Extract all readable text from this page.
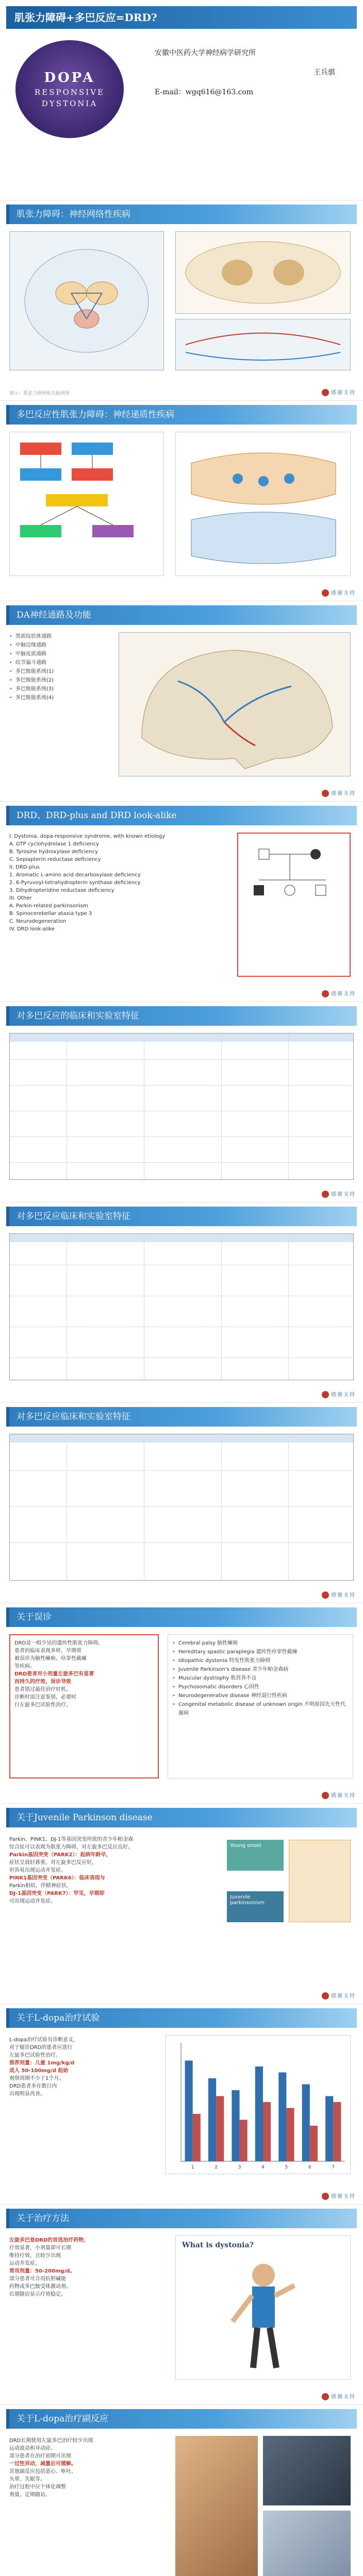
肌张力障碍+多巴反应=DRD?
DOPA
RESPONSIVE
DYSTONIA
安徽中医药大学神经病学研究所
王兵骐
E-mail：wgq616@163.com
肌张力障碍：神经网络性疾病
图示：肌张力障碍相关脑网络	感谢支持
多巴反应性肌张力障碍：神经递质性疾病
感谢支持
DA神经通路及功能
• 黑质纹状体通路
• 中脑边缘通路
• 中脑皮质通路
• 结节漏斗通路
• 多巴胺能系统(1)
• 多巴胺能系统(2)
• 多巴胺能系统(3)
• 多巴胺能系统(4)
感谢支持
DRD、DRD-plus and DRD look-alike
I. Dystonia, dopa-responsive syndrome, with known etiology
A. GTP cyclohydrolase 1 deficiency
B. Tyrosine hydroxylase deficiency
C. Sepiapterin reductase deficiency
II. DRD-plus
1. Aromatic L-amino acid decarboxylase deficiency
2. 6-Pyruvoyl-tetrahydropterin synthase deficiency
3. Dihydropteridine reductase deficiency
III. Other
A. Parkin-related parkinsonism
B. Spinocerebellar ataxia type 3
C. Neurodegeneration
IV. DRD look-alike
感谢支持
对多巴反应的临床和实验室特征
感谢支持
对多巴反应临床和实验室特征
感谢支持
对多巴反应临床和实验室特征
感谢支持
关于误诊
DRD是一组少见的遗传性肌张力障碍,
患者的临床表现多样，早期常
被误诊为脑性瘫痪、痉挛性截瘫
等疾病。
DRD患者对小剂量左旋多巴有显著
而持久的疗效，误诊导致
患者错过最佳治疗时机。
诊断时需注意鉴别，必要时
行左旋多巴试验性治疗。
• Cerebral palsy 脑性瘫痪
• Hereditary spastic paraplegia 遗传性痉挛性截瘫
• Idiopathic dystonia 特发性肌张力障碍
• Juvenile Parkinson's disease 青少年帕金森病
• Muscular dystrophy 肌营养不良
• Psychosomatic disorders 心因性
• Neurodegenerative disease 神经退行性疾病
• Congenital metabolic disease of unknown origin 不明原因先天性代谢病
感谢支持
关于Juvenile Parkinson disease
Parkin、PINK1、DJ-1等基因突变所致的青少年帕金森
综合征可以表现为肌张力障碍，对左旋多巴反应良好。
Parkin基因突变（PARK2）：起病年龄早，
症状呈晨轻暮重，对左旋多巴反应好，
但容易出现运动并发症。
PINK1基因突变（PARK6）：临床表现与
Parkin相似，伴精神症状。
DJ-1基因突变（PARK7）：罕见，早期即
可出现运动并发症。
Young onset
Juvenile parkinsonism
感谢支持
关于L-dopa治疗试验
L-dopa治疗试验有诊断意义，
对于疑诊DRD的患者应进行
左旋多巴试验性治疗。
推荐剂量：儿童 1mg/kg/d
成人 50-100mg/d 起始
观察周期不少于1个月。
DRD患者多在数日内
出现明显改善。
1	2	3	4	5	6	7
感谢支持
关于治疗方法
左旋多巴是DRD的首选治疗药物，
疗效显著，小剂量即可长期
维持疗效，且较少出现
运动并发症。
常用剂量：50-200mg/d。
部分患者可合用抗胆碱能
药物或多巴胺受体激动剂。
长期随访显示疗效稳定。
What is dystonia?
感谢支持
关于L-dopa治疗副反应
DRD长期使用左旋多巴治疗较少出现
运动波动和异动症。
部分患者在治疗初期可出现
一过性异动，减量后可缓解。
其他副反应包括恶心、呕吐、
头晕、失眠等。
治疗过程中应个体化调整
剂量，定期随访。
